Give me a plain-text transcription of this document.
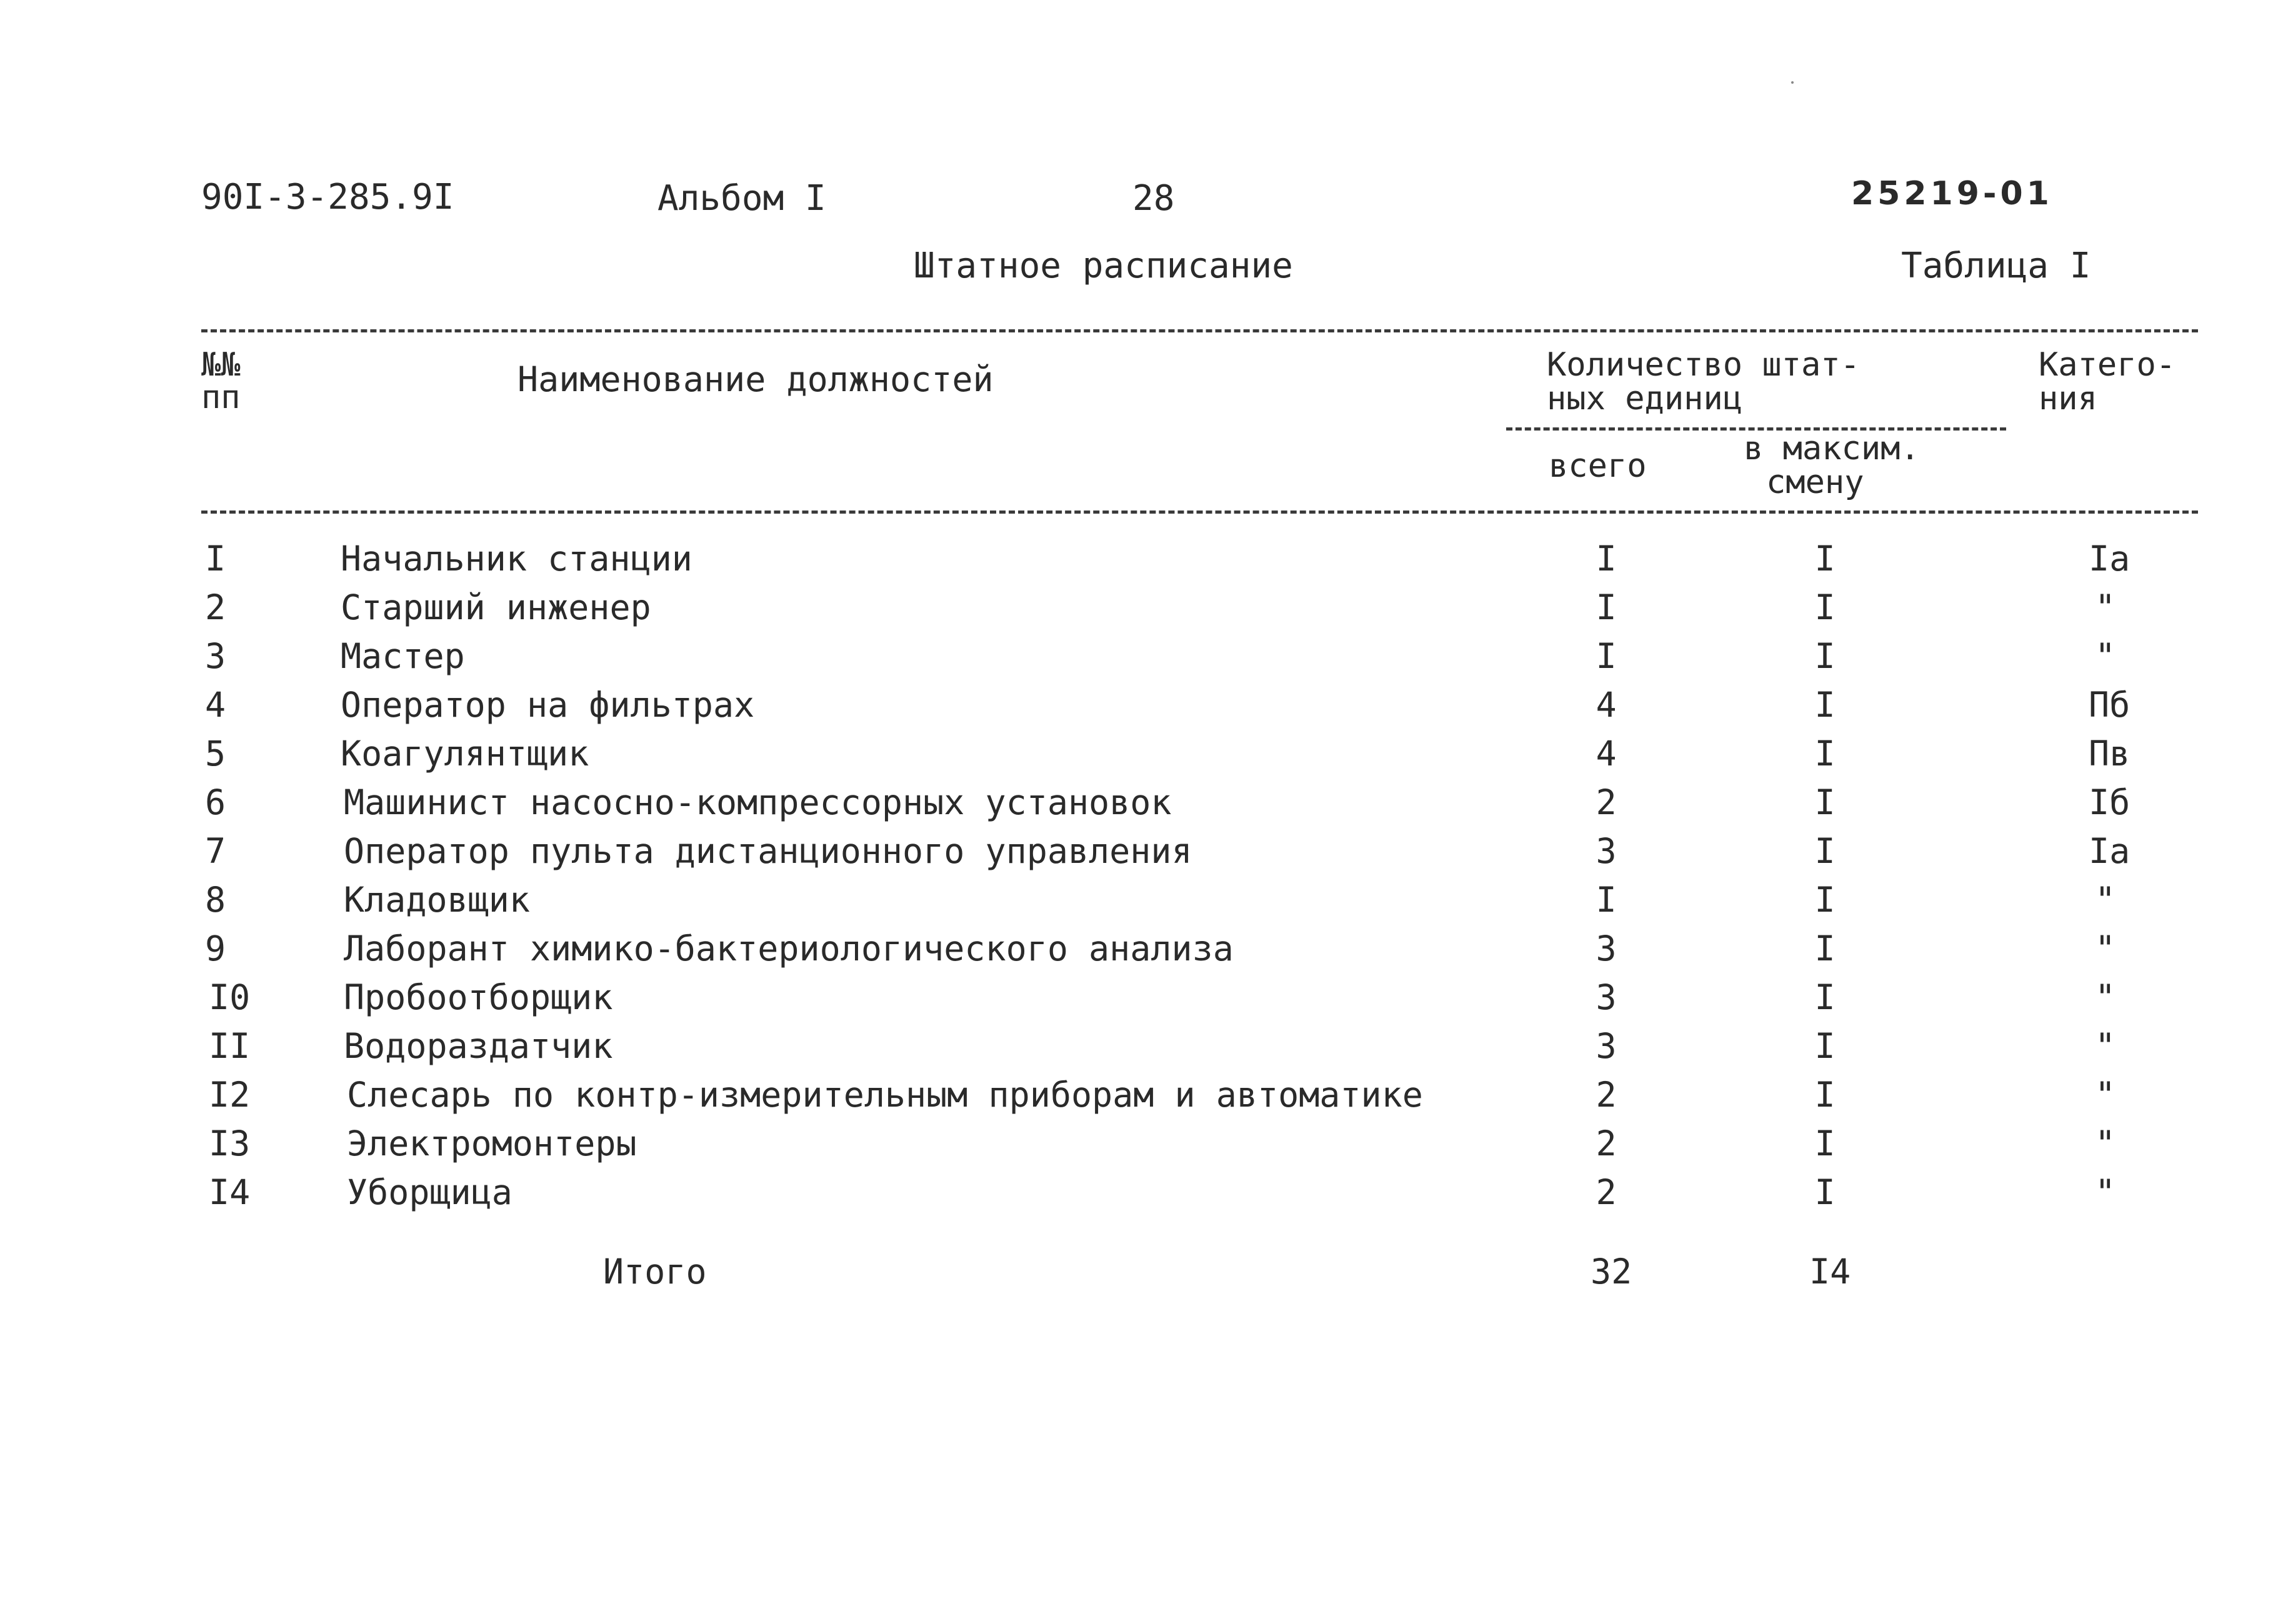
90I-3-285.9I	Альбом I	28	25219-01
Штатное расписание	Таблица I
№№
пп	Наименование должностей	Количество штат-
ных единиц
всего	в максим.
смену
Катего-
ния
I	Начальник станции	I	I	Iа
2	Старший инженер	I	I	"
3	Мастер	I	I	"
4	Оператор на фильтрах	4	I	Пб
5	Коагулянтщик	4	I	Пв
6	Машинист насосно-компрессорных установок	2	I	Iб
7	Оператор пульта дистанционного управления	3	I	Iа
8	Кладовщик	I	I	"
9	Лаборант химико-бактериологического анализа	3	I	"
I0	Пробоотборщик	3	I	"
II	Водораздатчик	3	I	"
I2	Слесарь по контр-измерительным приборам и автоматике	2	I	"
I3	Электромонтеры	2	I	"
I4	Уборщица	2	I	"
Итого	32	I4
